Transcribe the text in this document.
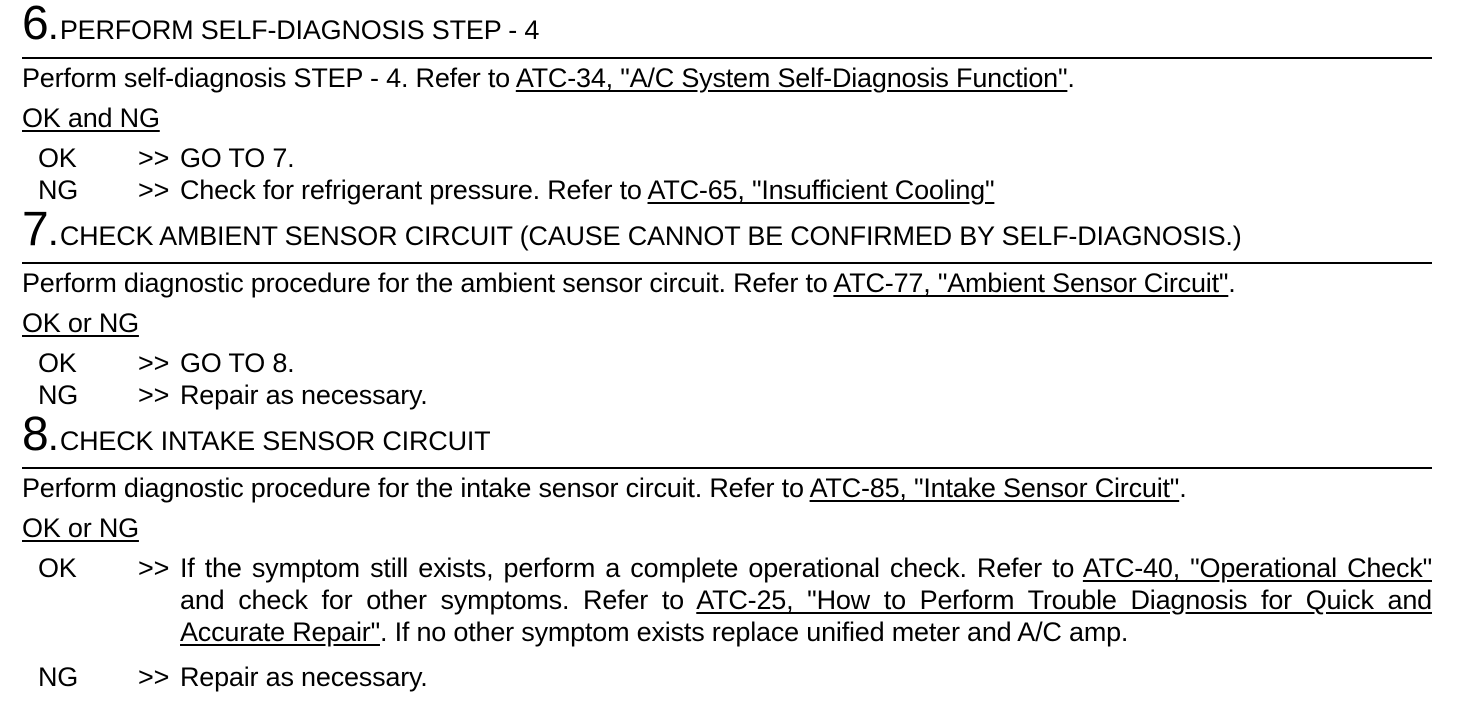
6 . PERFORM SELF-DIAGNOSIS STEP - 4
Perform self-diagnosis STEP - 4. Refer to ATC-34, "A/C System Self-Diagnosis Function".
OK and NG
OK	>> GO TO 7.
NG	>> Check for refrigerant pressure. Refer to ATC-65, "Insufficient Cooling"
7 . CHECK AMBIENT SENSOR CIRCUIT (CAUSE CANNOT BE CONFIRMED BY SELF-DIAGNOSIS.)
Perform diagnostic procedure for the ambient sensor circuit. Refer to ATC-77, "Ambient Sensor Circuit".
OK or NG
OK	>> GO TO 8.
NG	>> Repair as necessary.
8 . CHECK INTAKE SENSOR CIRCUIT
Perform diagnostic procedure for the intake sensor circuit. Refer to ATC-85, "Intake Sensor Circuit".
OK or NG
OK	>> If the symptom still exists, perform a complete operational check. Refer to ATC-40, "Operational Check" and check for other symptoms. Refer to ATC-25, "How to Perform Trouble Diagnosis for Quick and Accurate Repair". If no other symptom exists replace unified meter and A/C amp.
NG	>> Repair as necessary.
